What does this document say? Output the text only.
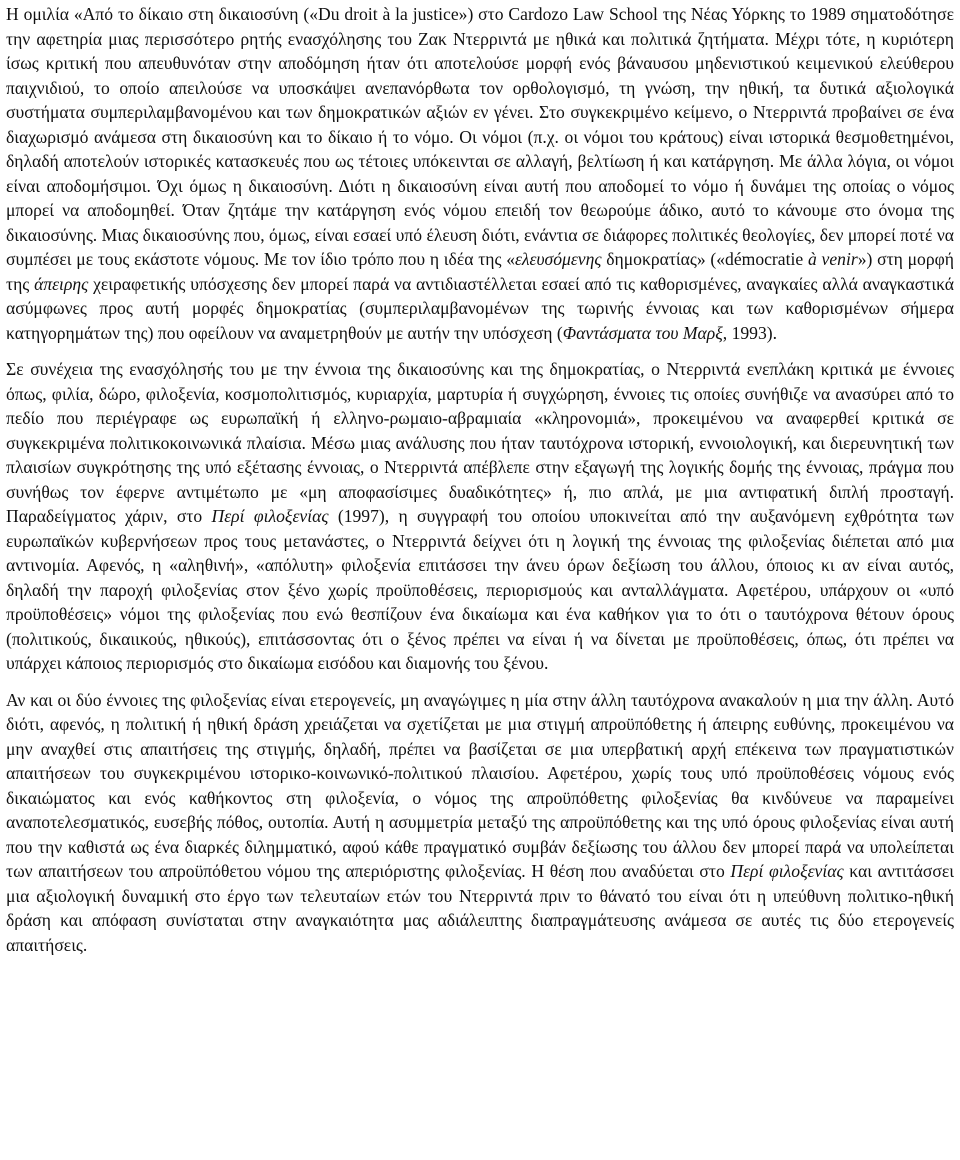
Η ομιλία «Από το δίκαιο στη δικαιοσύνη («Du droit à la justice») στο Cardozo Law School της Νέας Υόρκης το 1989 σηματοδότησε την αφετηρία μιας περισσότερο ρητής ενασχόλησης του Ζακ Ντερριντά με ηθικά και πολιτικά ζητήματα. Μέχρι τότε, η κυριότερη ίσως κριτική που απευθυνόταν στην αποδόμηση ήταν ότι αποτελούσε μορφή ενός βάναυσου μηδενιστικού κειμενικού ελεύθερου παιχνιδιού, το οποίο απειλούσε να υποσκάψει ανεπανόρθωτα τον ορθολογισμό, τη γνώση, την ηθική, τα δυτικά αξιολογικά συστήματα συμπεριλαμβανομένου και των δημοκρατικών αξιών εν γένει. Στο συγκεκριμένο κείμενο, ο Ντερριντά προβαίνει σε ένα διαχωρισμό ανάμεσα στη δικαιοσύνη και το δίκαιο ή το νόμο. Οι νόμοι (π.χ. οι νόμοι του κράτους) είναι ιστορικά θεσμοθετημένοι, δηλαδή αποτελούν ιστορικές κατασκευές που ως τέτοιες υπόκεινται σε αλλαγή, βελτίωση ή και κατάργηση. Με άλλα λόγια, οι νόμοι είναι αποδομήσιμοι. Όχι όμως η δικαιοσύνη. Διότι η δικαιοσύνη είναι αυτή που αποδομεί το νόμο ή δυνάμει της οποίας ο νόμος μπορεί να αποδομηθεί. Όταν ζητάμε την κατάργηση ενός νόμου επειδή τον θεωρούμε άδικο, αυτό το κάνουμε στο όνομα της δικαιοσύνης. Μιας δικαιοσύνης που, όμως, είναι εσαεί υπό έλευση διότι, ενάντια σε διάφορες πολιτικές θεολογίες, δεν μπορεί ποτέ να συμπέσει με τους εκάστοτε νόμους. Με τον ίδιο τρόπο που η ιδέα της «ελευσόμενης δημοκρατίας» («démocratie à venir») στη μορφή της άπειρης χειραφετικής υπόσχεσης δεν μπορεί παρά να αντιδιαστέλλεται εσαεί από τις καθορισμένες, αναγκαίες αλλά αναγκαστικά ασύμφωνες προς αυτή μορφές δημοκρατίας (συμπεριλαμβανομένων της τωρινής έννοιας και των καθορισμένων σήμερα κατηγορημάτων της) που οφείλουν να αναμετρηθούν με αυτήν την υπόσχεση (Φαντάσματα του Μαρξ, 1993).

Σε συνέχεια της ενασχόλησής του με την έννοια της δικαιοσύνης και της δημοκρατίας, ο Ντερριντά ενεπλάκη κριτικά με έννοιες όπως, φιλία, δώρο, φιλοξενία, κοσμοπολιτισμός, κυριαρχία, μαρτυρία ή συγχώρηση, έννοιες τις οποίες συνήθιζε να ανασύρει από το πεδίο που περιέγραφε ως ευρωπαϊκή ή ελληνο-ρωμαιο-αβραμιαία «κληρονομιά», προκειμένου να αναφερθεί κριτικά σε συγκεκριμένα πολιτικοκοινωνικά πλαίσια. Μέσω μιας ανάλυσης που ήταν ταυτόχρονα ιστορική, εννοιολογική, και διερευνητική των πλαισίων συγκρότησης της υπό εξέτασης έννοιας, ο Ντερριντά απέβλεπε στην εξαγωγή της λογικής δομής της έννοιας, πράγμα που συνήθως τον έφερνε αντιμέτωπο με «μη αποφασίσιμες δυαδικότητες» ή, πιο απλά, με μια αντιφατική διπλή προσταγή. Παραδείγματος χάριν, στο Περί φιλοξενίας (1997), η συγγραφή του οποίου υποκινείται από την αυξανόμενη εχθρότητα των ευρωπαϊκών κυβερνήσεων προς τους μετανάστες, ο Ντερριντά δείχνει ότι η λογική της έννοιας της φιλοξενίας διέπεται από μια αντινομία. Αφενός, η «αληθινή», «απόλυτη» φιλοξενία επιτάσσει την άνευ όρων δεξίωση του άλλου, όποιος κι αν είναι αυτός, δηλαδή την παροχή φιλοξενίας στον ξένο χωρίς προϋποθέσεις, περιορισμούς και ανταλλάγματα. Αφετέρου, υπάρχουν οι «υπό προϋποθέσεις» νόμοι της φιλοξενίας που ενώ θεσπίζουν ένα δικαίωμα και ένα καθήκον για το ότι ο ταυτόχρονα θέτουν όρους (πολιτικούς, δικαιικούς, ηθικούς), επιτάσσοντας ότι ο ξένος πρέπει να είναι ή να δίνεται με προϋποθέσεις, όπως, ότι πρέπει να υπάρχει κάποιος περιορισμός στο δικαίωμα εισόδου και διαμονής του ξένου.

Αν και οι δύο έννοιες της φιλοξενίας είναι ετερογενείς, μη αναγώγιμες η μία στην άλλη ταυτόχρονα ανακαλούν η μια την άλλη. Αυτό διότι, αφενός, η πολιτική ή ηθική δράση χρειάζεται να σχετίζεται με μια στιγμή απροϋπόθετης ή άπειρης ευθύνης, προκειμένου να μην αναχθεί στις απαιτήσεις της στιγμής, δηλαδή, πρέπει να βασίζεται σε μια υπερβατική αρχή επέκεινα των πραγματιστικών απαιτήσεων του συγκεκριμένου ιστορικο-κοινωνικό-πολιτικού πλαισίου. Αφετέρου, χωρίς τους υπό προϋποθέσεις νόμους ενός δικαιώματος και ενός καθήκοντος στη φιλοξενία, ο νόμος της απροϋπόθετης φιλοξενίας θα κινδύνευε να παραμείνει αναποτελεσματικός, ευσεβής πόθος, ουτοπία. Αυτή η ασυμμετρία μεταξύ της απροϋπόθετης και της υπό όρους φιλοξενίας είναι αυτή που την καθιστά ως ένα διαρκές διλημματικό, αφού κάθε πραγματικό συμβάν δεξίωσης του άλλου δεν μπορεί παρά να υπολείπεται των απαιτήσεων του απροϋπόθετου νόμου της απεριόριστης φιλοξενίας. Η θέση που αναδύεται στο Περί φιλοξενίας και αντιτάσσει μια αξιολογική δυναμική στο έργο των τελευταίων ετών του Ντερριντά πριν το θάνατό του είναι ότι η υπεύθυνη πολιτικο-ηθική δράση και απόφαση συνίσταται στην αναγκαιότητα μας αδιάλειπτης διαπραγμάτευσης ανάμεσα σε αυτές τις δύο ετερογενείς απαιτήσεις.
